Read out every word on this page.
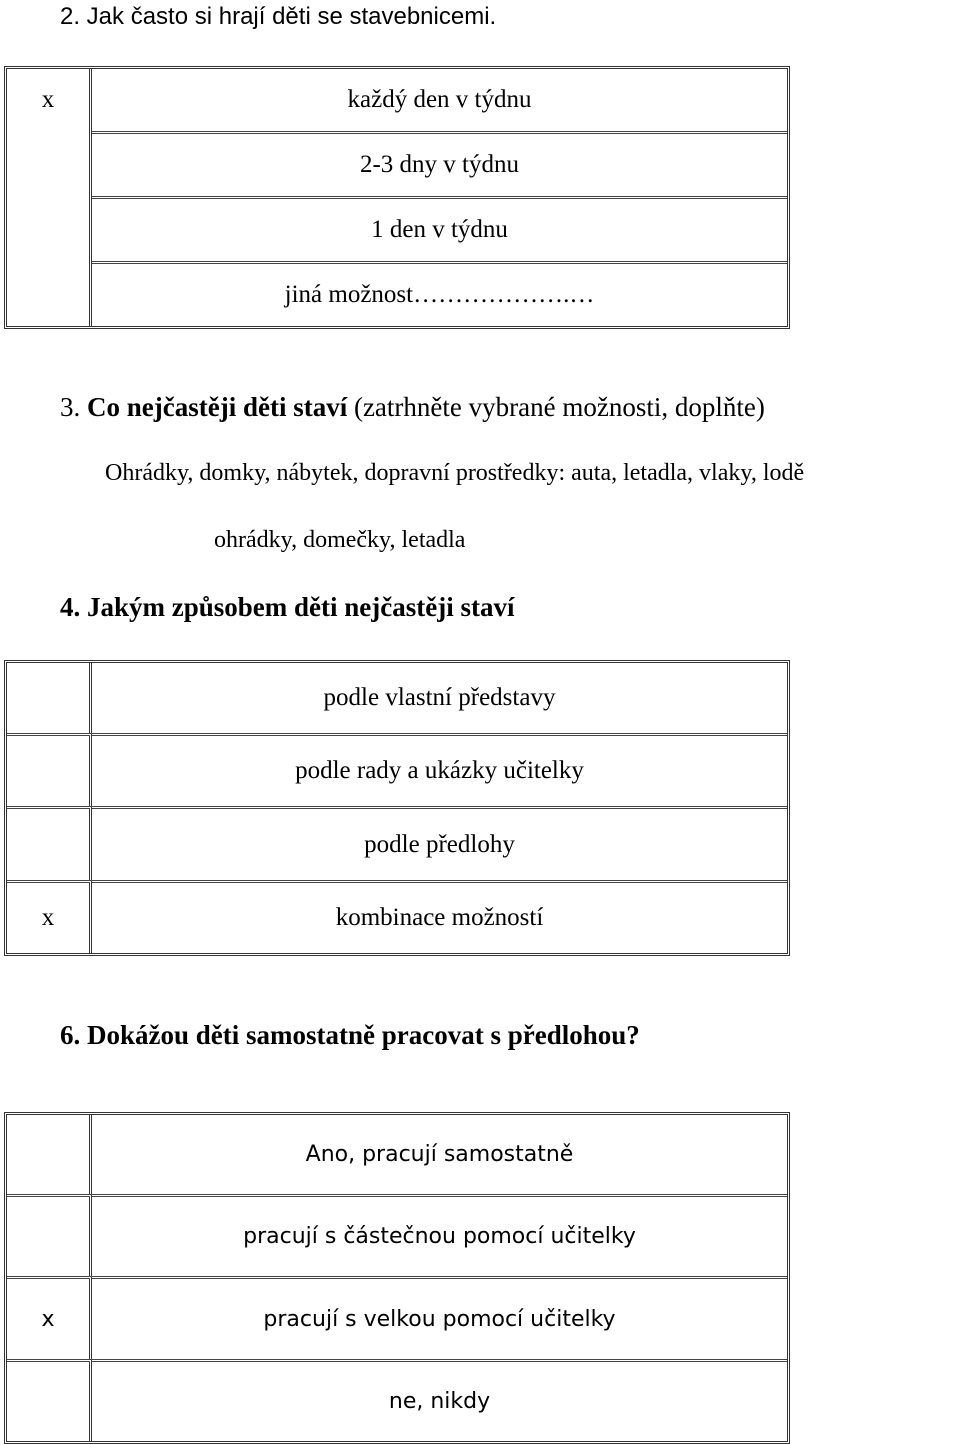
2. Jak často si hrají děti se stavebnicemi.
x	každý den v týdnu
	2-3 dny v týdnu
	1 den v týdnu
	jiná možnost……………….…

3. Co nejčastěji děti staví (zatrhněte vybrané možnosti, doplňte)

Ohrádky, domky, nábytek, dopravní prostředky: auta, letadla, vlaky, lodě

ohrádky, domečky, letadla

4. Jakým způsobem děti nejčastěji staví

	podle vlastní představy
	podle rady a ukázky učitelky
	podle předlohy
x	kombinace možností

6. Dokážou děti samostatně pracovat s předlohou?

	Ano, pracují samostatně
	pracují s částečnou pomocí učitelky
x	pracují s velkou pomocí učitelky
	ne, nikdy
